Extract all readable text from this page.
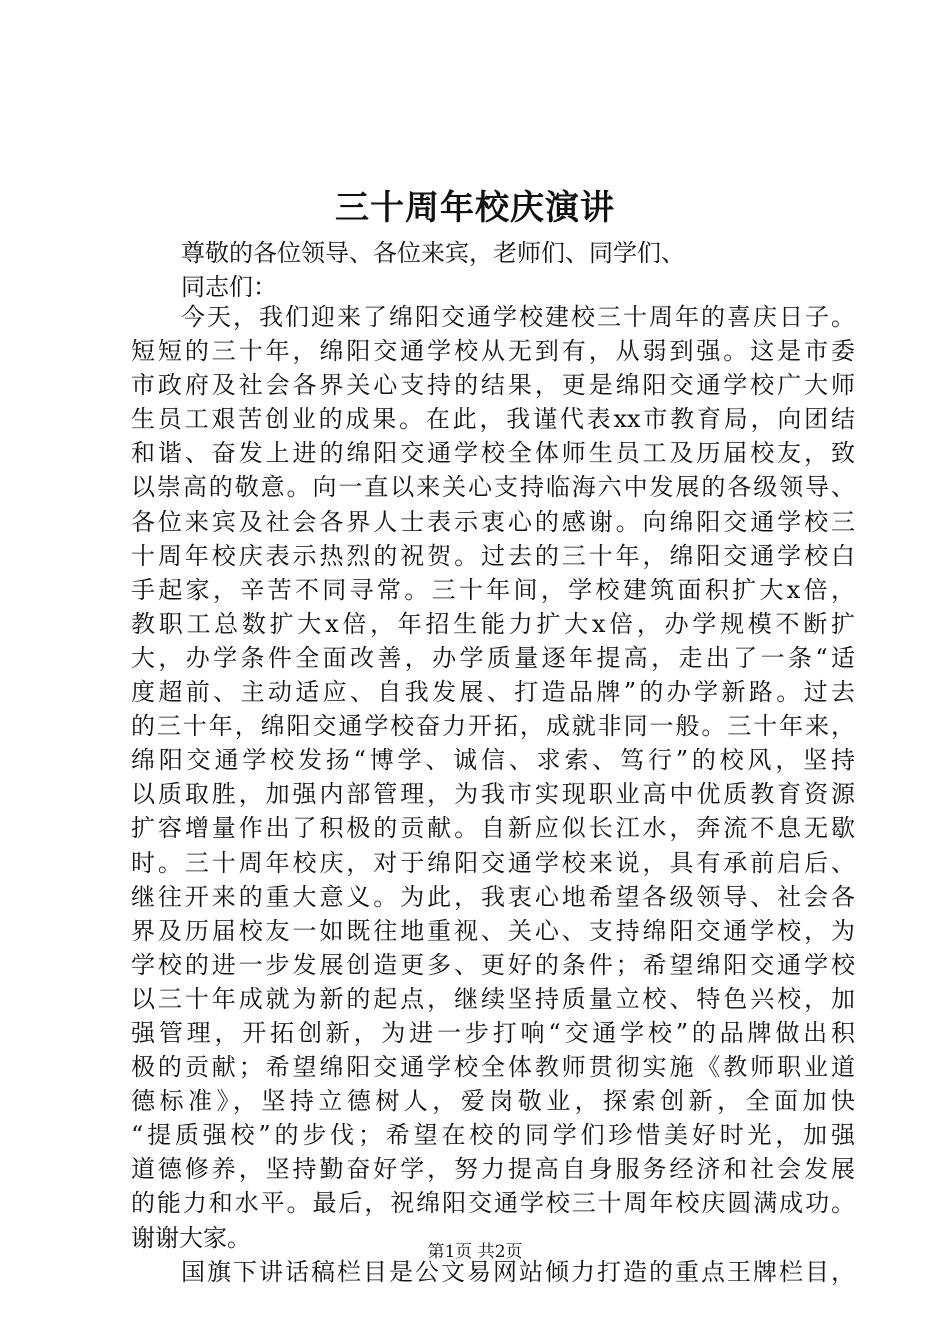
三十周年校庆演讲
尊敬的各位领导、各位来宾，老师们、同学们、
同志们：
今天，我们迎来了绵阳交通学校建校三十周年的喜庆日子。
短短的三十年，绵阳交通学校从无到有，从弱到强。这是市委
市政府及社会各界关心支持的结果，更是绵阳交通学校广大师
生员工艰苦创业的成果。在此，我谨代表xx市教育局，向团结
和谐、奋发上进的绵阳交通学校全体师生员工及历届校友，致
以崇高的敬意。向一直以来关心支持临海六中发展的各级领导、
各位来宾及社会各界人士表示衷心的感谢。向绵阳交通学校三
十周年校庆表示热烈的祝贺。过去的三十年，绵阳交通学校白
手起家，辛苦不同寻常。三十年间，学校建筑面积扩大x倍，
教职工总数扩大x倍，年招生能力扩大x倍，办学规模不断扩
大，办学条件全面改善，办学质量逐年提高，走出了一条“适
度超前、主动适应、自我发展、打造品牌”的办学新路。过去
的三十年，绵阳交通学校奋力开拓，成就非同一般。三十年来，
绵阳交通学校发扬“博学、诚信、求索、笃行”的校风，坚持
以质取胜，加强内部管理，为我市实现职业高中优质教育资源
扩容增量作出了积极的贡献。自新应似长江水，奔流不息无歇
时。三十周年校庆，对于绵阳交通学校来说，具有承前启后、
继往开来的重大意义。为此，我衷心地希望各级领导、社会各
界及历届校友一如既往地重视、关心、支持绵阳交通学校，为
学校的进一步发展创造更多、更好的条件；希望绵阳交通学校
以三十年成就为新的起点，继续坚持质量立校、特色兴校，加
强管理，开拓创新，为进一步打响“交通学校”的品牌做出积
极的贡献；希望绵阳交通学校全体教师贯彻实施《教师职业道
德标准》，坚持立德树人，爱岗敬业，探索创新，全面加快
“提质强校”的步伐；希望在校的同学们珍惜美好时光，加强
道德修养，坚持勤奋好学，努力提高自身服务经济和社会发展
的能力和水平。最后，祝绵阳交通学校三十周年校庆圆满成功。
谢谢大家。
国旗下讲话稿栏目是公文易网站倾力打造的重点王牌栏目，
第1页 共2页
